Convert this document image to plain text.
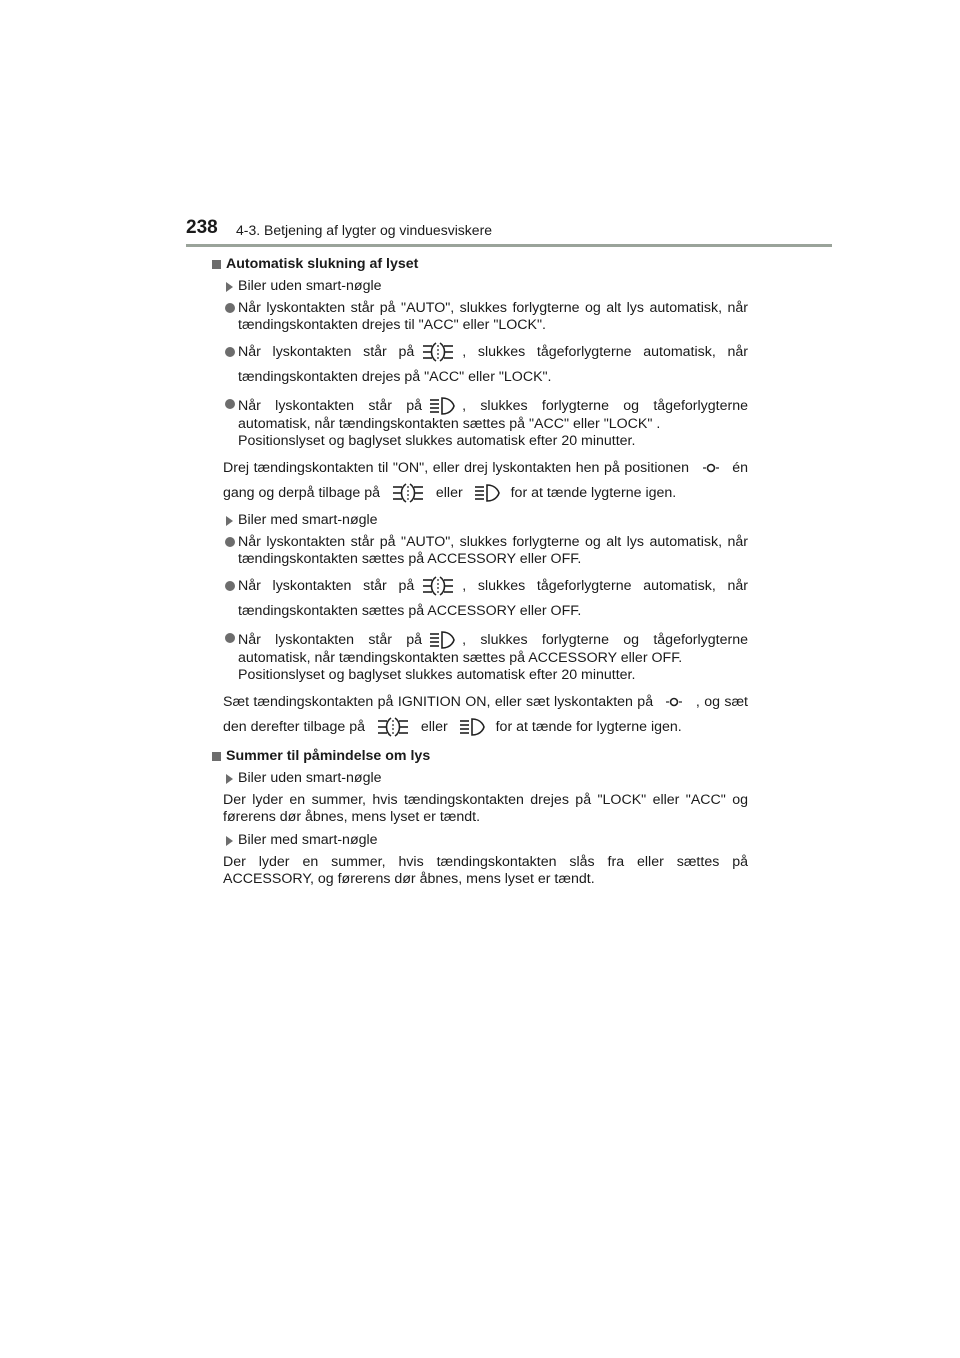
238 4-3. Betjening af lygter og vinduesviskere
Automatisk slukning af lyset
Biler uden smart-nøgle
Når lyskontakten står på "AUTO", slukkes forlygterne og alt lys automatisk, når tændingskontakten drejes til "ACC" eller "LOCK".
Når lyskontakten står på	, slukkes tågeforlygterne automatisk, når tændingskontakten drejes på "ACC" eller "LOCK".
Når lyskontakten står på	, slukkes forlygterne og tågeforlygterne automatisk, når tændingskontakten sættes på "ACC" eller "LOCK" .
Positionslyset og baglyset slukkes automatisk efter 20 minutter.
Drej tændingskontakten til "ON", eller drej lyskontakten hen på positionen	én gang og derpå tilbage på	eller	for at tænde lygterne igen.
Biler med smart-nøgle
Når lyskontakten står på "AUTO", slukkes forlygterne og alt lys automatisk, når tændingskontakten sættes på ACCESSORY eller OFF.
Når lyskontakten står på	, slukkes tågeforlygterne automatisk, når tændingskontakten sættes på ACCESSORY eller OFF.
Når lyskontakten står på	, slukkes forlygterne og tågeforlygterne automatisk, når tændingskontakten sættes på ACCESSORY eller OFF.
Positionslyset og baglyset slukkes automatisk efter 20 minutter.
Sæt tændingskontakten på IGNITION ON, eller sæt lyskontakten på	, og sæt den derefter tilbage på	eller	for at tænde for lygterne igen.
Summer til påmindelse om lys
Biler uden smart-nøgle
Der lyder en summer, hvis tændingskontakten drejes på "LOCK" eller "ACC" og førerens dør åbnes, mens lyset er tændt.
Biler med smart-nøgle
Der lyder en summer, hvis tændingskontakten slås fra eller sættes på ACCESSORY, og førerens dør åbnes, mens lyset er tændt.
